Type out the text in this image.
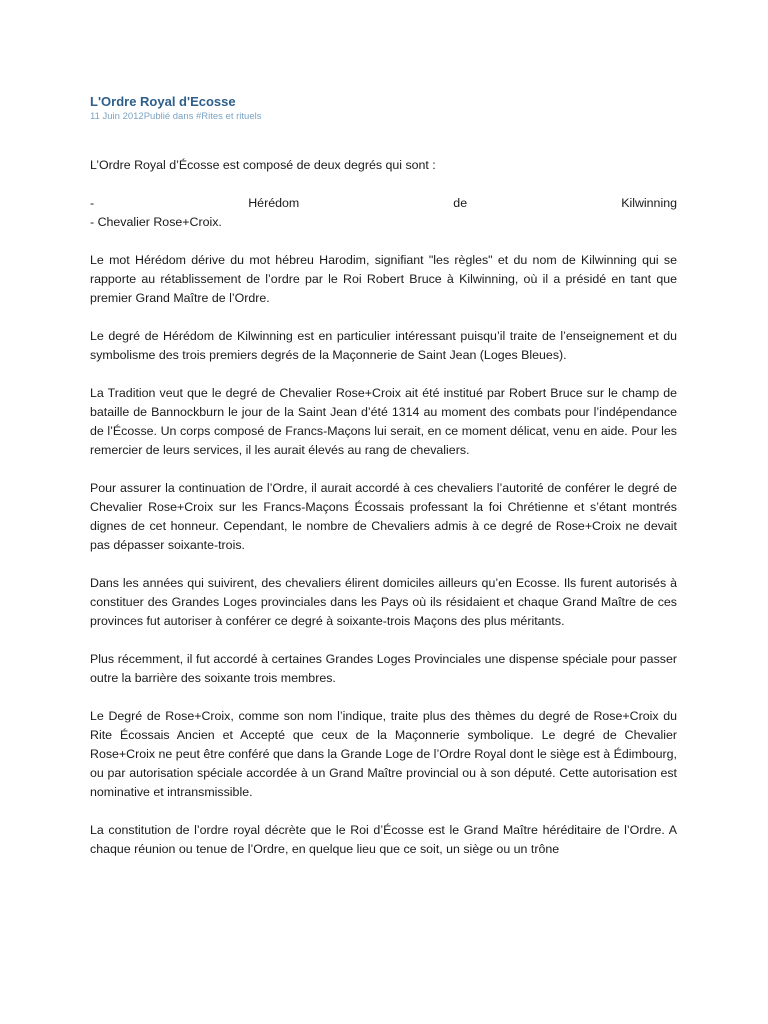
L'Ordre Royal d'Ecosse

11 Juin 2012Publié dans #Rites et rituels

L’Ordre Royal d’Écosse est composé de deux degrés qui sont :

-	Hérédom	de	Kilwinning
- Chevalier Rose+Croix.

Le mot Hérédom dérive du mot hébreu Harodim, signifiant "les règles" et du nom de Kilwinning qui se rapporte au rétablissement de l’ordre par le Roi Robert Bruce à Kilwinning, où il a présidé en tant que premier Grand Maître de l’Ordre.

Le degré de Hérédom de Kilwinning est en particulier intéressant puisqu’il traite de l’enseignement et du symbolisme des trois premiers degrés de la Maçonnerie de Saint Jean (Loges Bleues).

La Tradition veut que le degré de Chevalier Rose+Croix ait été institué par Robert Bruce sur le champ de bataille de Bannockburn le jour de la Saint Jean d’été 1314 au moment des combats pour l’indépendance de l’Écosse. Un corps composé de Francs-Maçons lui serait, en ce moment délicat, venu en aide. Pour les remercier de leurs services, il les aurait élevés au rang de chevaliers.

Pour assurer la continuation de l’Ordre, il aurait accordé à ces chevaliers l’autorité de conférer le degré de Chevalier Rose+Croix sur les Francs-Maçons Écossais professant la foi Chrétienne et s’étant montrés dignes de cet honneur. Cependant, le nombre de Chevaliers admis à ce degré de Rose+Croix ne devait pas dépasser soixante-trois.

Dans les années qui suivirent, des chevaliers élirent domiciles ailleurs qu’en Ecosse. Ils furent autorisés à constituer des Grandes Loges provinciales dans les Pays où ils résidaient et chaque Grand Maître de ces provinces fut autoriser à conférer ce degré à soixante-trois Maçons des plus méritants.

Plus récemment, il fut accordé à certaines Grandes Loges Provinciales une dispense spéciale pour passer outre la barrière des soixante trois membres.

Le Degré de Rose+Croix, comme son nom l’indique, traite plus des thèmes du degré de Rose+Croix du Rite Écossais Ancien et Accepté que ceux de la Maçonnerie symbolique. Le degré de Chevalier Rose+Croix ne peut être conféré que dans la Grande Loge de l’Ordre Royal dont le siège est à Édimbourg, ou par autorisation spéciale accordée à un Grand Maître provincial ou à son député. Cette autorisation est nominative et intransmissible.

La constitution de l’ordre royal décrète que le Roi d’Écosse est le Grand Maître héréditaire de l’Ordre. A chaque réunion ou tenue de l’Ordre, en quelque lieu que ce soit, un siège ou un trône
